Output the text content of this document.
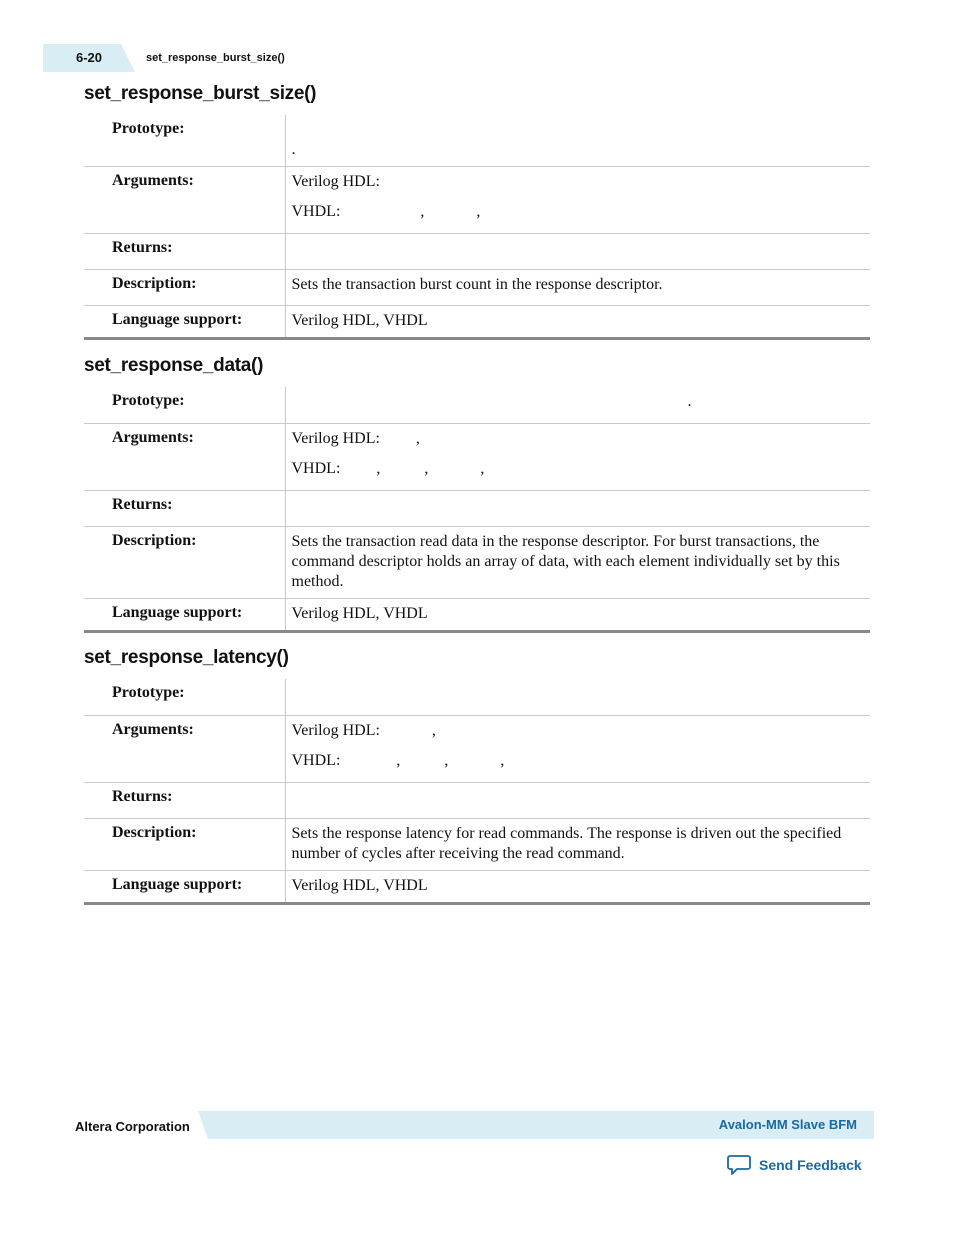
6-20	set_response_burst_size()
set_response_burst_size()
Prototype:	.
Arguments:	Verilog HDL:

VHDL:                    ,             ,

Returns:	
Description:	Sets the transaction burst count in the response descriptor.
Language support:	Verilog HDL, VHDL
set_response_data()
Prototype:	.
Arguments:	Verilog HDL:         ,

VHDL:         ,           ,             ,

Returns:	
Description:	Sets the transaction read data in the response descriptor. For burst transactions, the command descriptor holds an array of data, with each element individually set by this method.
Language support:	Verilog HDL, VHDL
set_response_latency()
Prototype:	
Arguments:	Verilog HDL:             ,

VHDL:              ,           ,             ,

Returns:	
Description:	Sets the response latency for read commands. The response is driven out the specified number of cycles after receiving the read command.
Language support:	Verilog HDL, VHDL
Altera Corporation	Avalon-MM Slave BFM
Send Feedback
